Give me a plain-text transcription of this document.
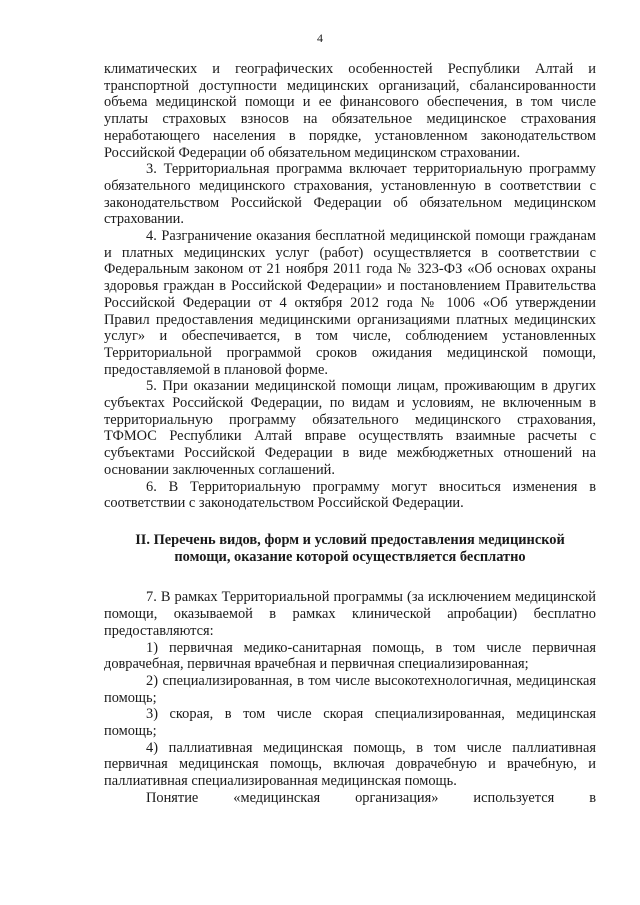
4

климатических и географических особенностей Республики Алтай и транспортной доступности медицинских организаций, сбалансированности объема медицинской помощи и ее финансового обеспечения, в том числе уплаты страховых взносов на обязательное медицинское страхования неработающего населения в порядке, установленном законодательством Российской Федерации об обязательном медицинском страховании.

3. Территориальная программа включает территориальную программу обязательного медицинского страхования, установленную в соответствии с законодательством Российской Федерации об обязательном медицинском страховании.

4. Разграничение оказания бесплатной медицинской помощи гражданам и платных медицинских услуг (работ) осуществляется в соответствии с Федеральным законом от 21 ноября 2011 года № 323-ФЗ «Об основах охраны здоровья граждан в Российской Федерации» и постановлением Правительства Российской Федерации от 4 октября 2012 года № 1006 «Об утверждении Правил предоставления медицинскими организациями платных медицинских услуг» и обеспечивается, в том числе, соблюдением установленных Территориальной программой сроков ожидания медицинской помощи, предоставляемой в плановой форме.

5. При оказании медицинской помощи лицам, проживающим в других субъектах Российской Федерации, по видам и условиям, не включенным в территориальную программу обязательного медицинского страхования, ТФМОС Республики Алтай вправе осуществлять взаимные расчеты с субъектами Российской Федерации в виде межбюджетных отношений на основании заключенных соглашений.

6. В Территориальную программу могут вноситься изменения в соответствии с законодательством Российской Федерации.

II. Перечень видов, форм и условий предоставления медицинской помощи, оказание которой осуществляется бесплатно

7. В рамках Территориальной программы (за исключением медицинской помощи, оказываемой в рамках клинической апробации) бесплатно предоставляются:

1) первичная медико-санитарная помощь, в том числе первичная доврачебная, первичная врачебная и первичная специализированная;

2) специализированная, в том числе высокотехнологичная, медицинская помощь;

3) скорая, в том числе скорая специализированная, медицинская помощь;

4) паллиативная медицинская помощь, в том числе паллиативная первичная медицинская помощь, включая доврачебную и врачебную, и паллиативная специализированная медицинская помощь.

Понятие «медицинская организация» используется в
